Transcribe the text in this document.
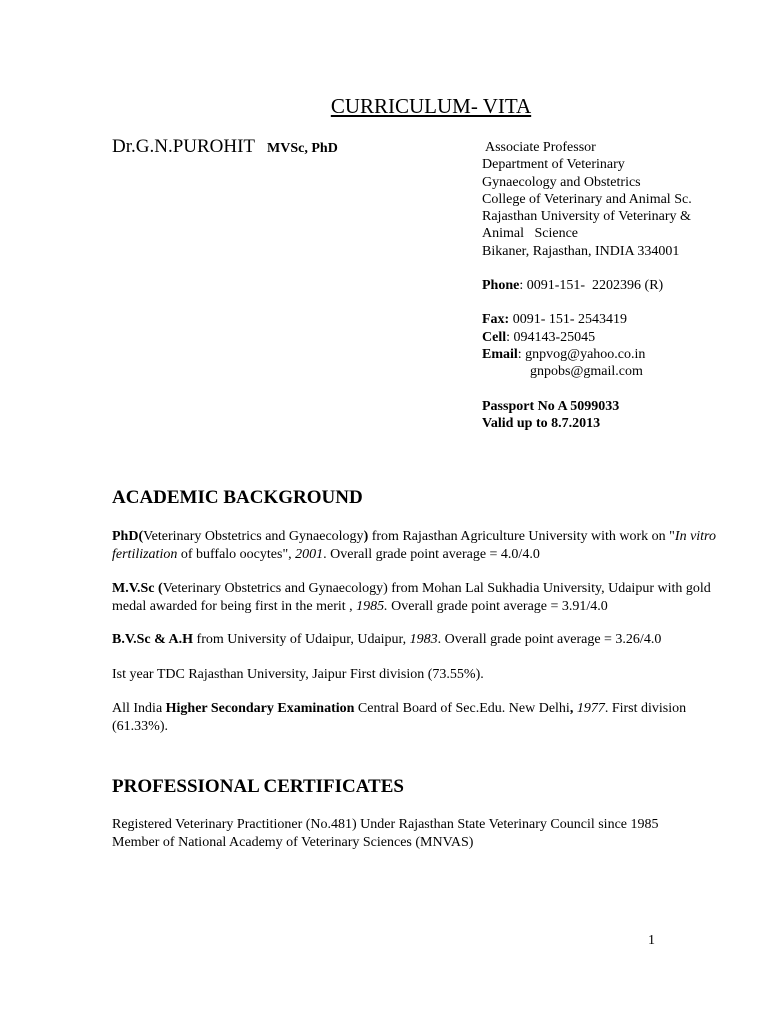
CURRICULUM- VITA
Dr.G.N.PUROHIT MVSc, PhD	Associate Professor
Department of Veterinary
Gynaecology and Obstetrics
College of Veterinary and Animal Sc.
Rajasthan University of Veterinary &
Animal   Science
Bikaner, Rajasthan, INDIA 334001
Phone: 0091-151-  2202396 (R)
Fax: 0091- 151- 2543419
Cell: 094143-25045
Email: gnpvog@yahoo.co.in
gnpobs@gmail.com
Passport No A 5099033
Valid up to 8.7.2013
ACADEMIC BACKGROUND
PhD(Veterinary Obstetrics and Gynaecology) from Rajasthan Agriculture University with work on "In vitro fertilization of buffalo oocytes", 2001. Overall grade point average = 4.0/4.0
M.V.Sc (Veterinary Obstetrics and Gynaecology) from Mohan Lal Sukhadia University, Udaipur with gold medal awarded for being first in the merit , 1985. Overall grade point average = 3.91/4.0
B.V.Sc & A.H from University of Udaipur, Udaipur, 1983. Overall grade point average = 3.26/4.0
Ist year TDC Rajasthan University, Jaipur First division (73.55%).
All India Higher Secondary Examination Central Board of Sec.Edu. New Delhi, 1977. First division (61.33%).
PROFESSIONAL CERTIFICATES
Registered Veterinary Practitioner (No.481) Under Rajasthan State Veterinary Council since 1985
Member of National Academy of Veterinary Sciences (MNVAS)
1
